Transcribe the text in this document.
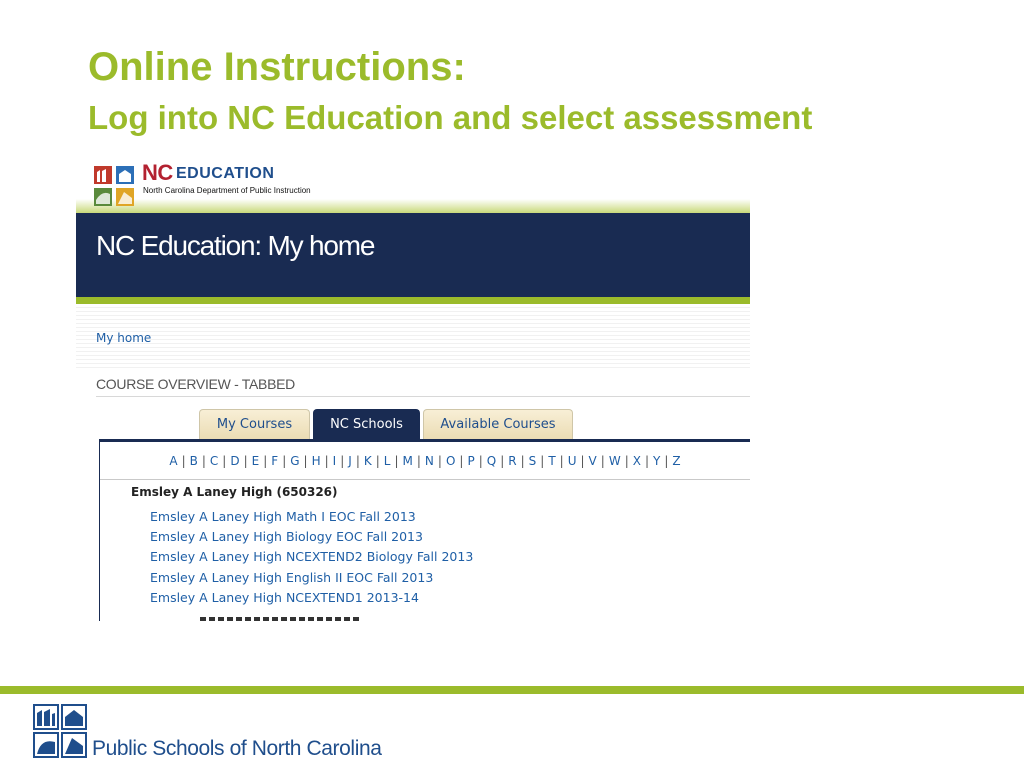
Online Instructions:
Log into NC Education and select assessment
NC EDUCATION
North Carolina Department of Public Instruction
NC Education: My home
My home
COURSE OVERVIEW - TABBED
My Courses	NC Schools	Available Courses
A | B | C | D | E | F | G | H | I | J | K | L | M | N | O | P | Q | R | S | T | U | V | W | X | Y | Z
Emsley A Laney High (650326)
Emsley A Laney High Math I EOC Fall 2013
Emsley A Laney High Biology EOC Fall 2013
Emsley A Laney High NCEXTEND2 Biology Fall 2013
Emsley A Laney High English II EOC Fall 2013
Emsley A Laney High NCEXTEND1 2013-14
Public Schools of North Carolina
